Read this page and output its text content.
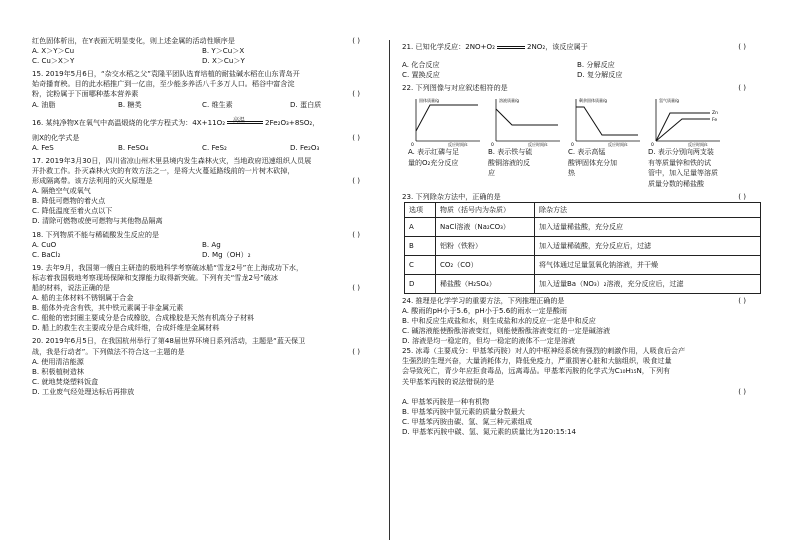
红色固体析出，在Y表面无明显变化，则上述金属的活动性顺序是	( )
A. X＞Y＞Cu	B. Y＞Cu＞X
C. Cu＞X＞Y	D. X＞Cu＞Y
15. 2019年5月6日，“杂交水稻之父”袁隆平团队选育培植的耐盐碱水稻在山东青岛开
始奇播育秧。目的此水稻推广到一亿亩，至少能多养活八千多万人口。稻谷中富含淀
粉，淀粉属于下面哪种基本营养素	( )
A. 油脂	B. 糖类	C. 维生素	D. 蛋白质
16. 某纯净物X在氧气中高温煅烧的化学方程式为：4X+11O₂ 高温	2Fe₂O₃+8SO₂，
则X的化学式是	( )
A. FeS	B. FeSO₄	C. FeS₂	D. Fe₂O₃
17. 2019年3月30日，四川省凉山州木里县境内发生森林火灾，当地政府迅速组织人员展
开扑救工作。扑灭森林火灾的有效方法之一，是将大火蔓延路线前的一片树木砍掉，
形成隔离带。该方法利用的灭火原理是	( )
A. 隔绝空气或氧气
B. 降低可燃物的着火点
C. 降低温度至着火点以下
D. 清除可燃物或使可燃物与其他物品隔离
18. 下列物质不能与稀硫酸发生反应的是	( )
A. CuO	B. Ag
C. BaCl₂	D. Mg（OH）₂
19. 去年9月，我国第一艘自主研造的极地科学考察破冰船“雪龙2号”在上海成功下水，
标志着我国极地考察现场保障和支撑能力取得新突破。下列有关“雪龙2号”破冰
船的材料，说法正确的是	( )
A. 船的主体材料不锈钢属于合金
B. 船体外壳含有铁，其中铁元素属于非金属元素
C. 船舱的密封圈主要成分是合成橡胶，合成橡胶是天然有机高分子材料
D. 船上的救生衣主要成分是合成纤维，合成纤维是金属材料
20. 2019年6月5日，在我国杭州举行了第48届世界环境日系列活动，主题是“蓝天保卫
战，我是行动者”。下列做法不符合这一主题的是	( )
A. 使用清洁能源
B. 积极植树造林
C. 就地焚烧塑料饭盒
D. 工业废气经处理达标后再排放
21. 已知化学反应：2NO+O₂	2NO₂，该反应属于	( )
A. 化合反应	B. 分解反应
C. 置换反应	D. 复分解反应
22. 下列图像与对应叙述相符的是	( )
固体质量/g
反应时间/s
0
溶液质量/g
反应时间/s
0
剩余固体质量/g
反应时间/s
0
Zn
Fe
氢气质量/g
反应时间/s
0
A. 表示红磷与足
量的O₂充分反应
B. 表示铁与硫
酸铜溶液的反
应
C. 表示高锰
酸钾固体充分加
热
D. 表示分别向两支装
有等质量锌和铁的试
管中，加入足量等溶质
质量分数的稀盐酸
23. 下列除杂方法中，正确的是	( )
选项	物质（括号内为杂质）	除杂方法
A	NaCl溶液（Na₂CO₃）	加入适量稀盐酸，充分反应
B	铝粉（铁粉）	加入适量稀硫酸，充分反应后，过滤
C	CO₂（CO）	将气体通过足量氢氧化钠溶液，并干燥
D	稀盐酸（H₂SO₄）	加入适量Ba（NO₃）₂溶液，充分反应后，过滤
24. 推理是化学学习的重要方法，下列推理正确的是	( )
A. 酸雨的pH小于5.6，pH小于5.6的雨水一定是酸雨
B. 中和反应生成盐和水，则生成盐和水的反应一定是中和反应
C. 碱溶液能使酚酞溶液变红，则能使酚酞溶液变红的一定是碱溶液
D. 溶液是均一稳定的，但均一稳定的液体不一定是溶液
25. 冰毒（主要成分：甲基苯丙胺）对人的中枢神经系统有强烈的刺激作用，人吸食后会产
生强烈的生理兴奋，大量消耗体力，降低免疫力，严重损害心脏和大脑组织，吸食过量
会导致死亡，青少年应拒食毒品，远离毒品。甲基苯丙胺的化学式为C₁₀H₁₅N，下列有
关甲基苯丙胺的说法错误的是
( )

A. 甲基苯丙胺是一种有机物
B. 甲基苯丙胺中氢元素的质量分数最大
C. 甲基苯丙胺由碳、氢、氮三种元素组成
D. 甲基苯丙胺中碳、氢、氮元素的质量比为120:15:14
